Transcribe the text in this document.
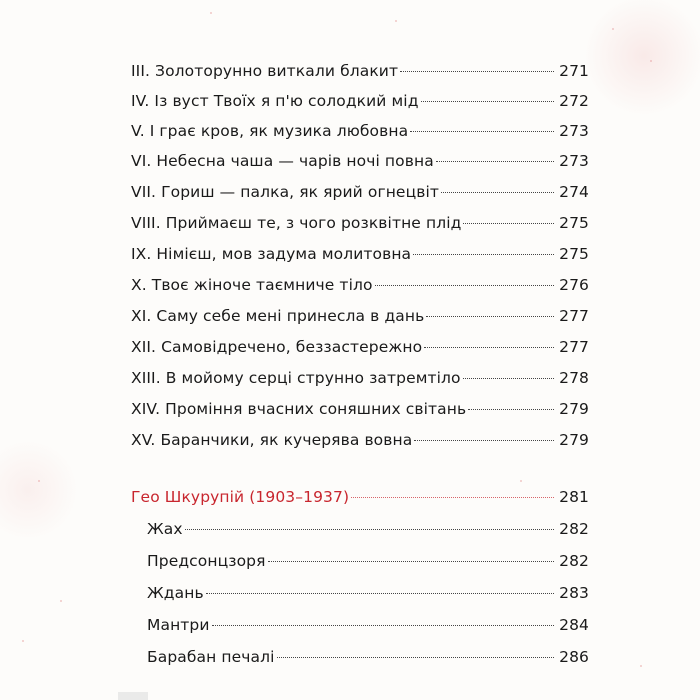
III. Золоторунно виткали блакит	271
IV. Із вуст Твоїх я п'ю солодкий мід	272
V. І грає кров, як музика любовна	273
VI. Небесна чаша — чарів ночі повна	273
VII. Гориш — палка, як ярий огнецвіт	274
VIII. Приймаєш те, з чого розквітне плід	275
IX. Німієш, мов задума молитовна	275
X. Твоє жіноче таємниче тіло	276
XI. Саму себе мені принесла в дань	277
XII. Самовідречено, беззастережно	277
XIII. В мойому серці струнно затремтіло	278
XIV. Проміння вчасних соняшних світань	279
XV. Баранчики, як кучерява вовна	279
Гео Шкурупій (1903–1937)	281
Жах	282
Предсонцзоря	282
Ждань	283
Мантри	284
Барабан печалі	286
